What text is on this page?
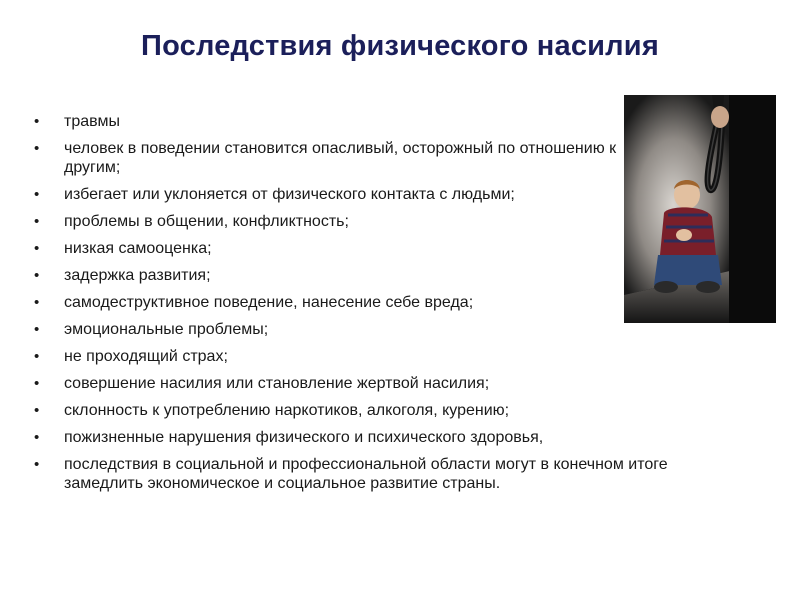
Последствия физического насилия
•	травмы
•	человек в поведении становится опасливый, осторожный по отношению к другим;
•	избегает или уклоняется от физического контакта с людьми;
•	проблемы в общении, конфликтность;
•	низкая самооценка;
•	задержка развития;
•	самодеструктивное поведение, нанесение себе вреда;
•	эмоциональные проблемы;
•	не проходящий страх;
•	совершение насилия или становление жертвой насилия;
•	склонность к употреблению наркотиков, алкоголя, курению;
•	пожизненные нарушения физического и психического здоровья,
•	последствия в социальной и профессиональной области могут в конечном итоге замедлить экономическое и социальное развитие страны.
